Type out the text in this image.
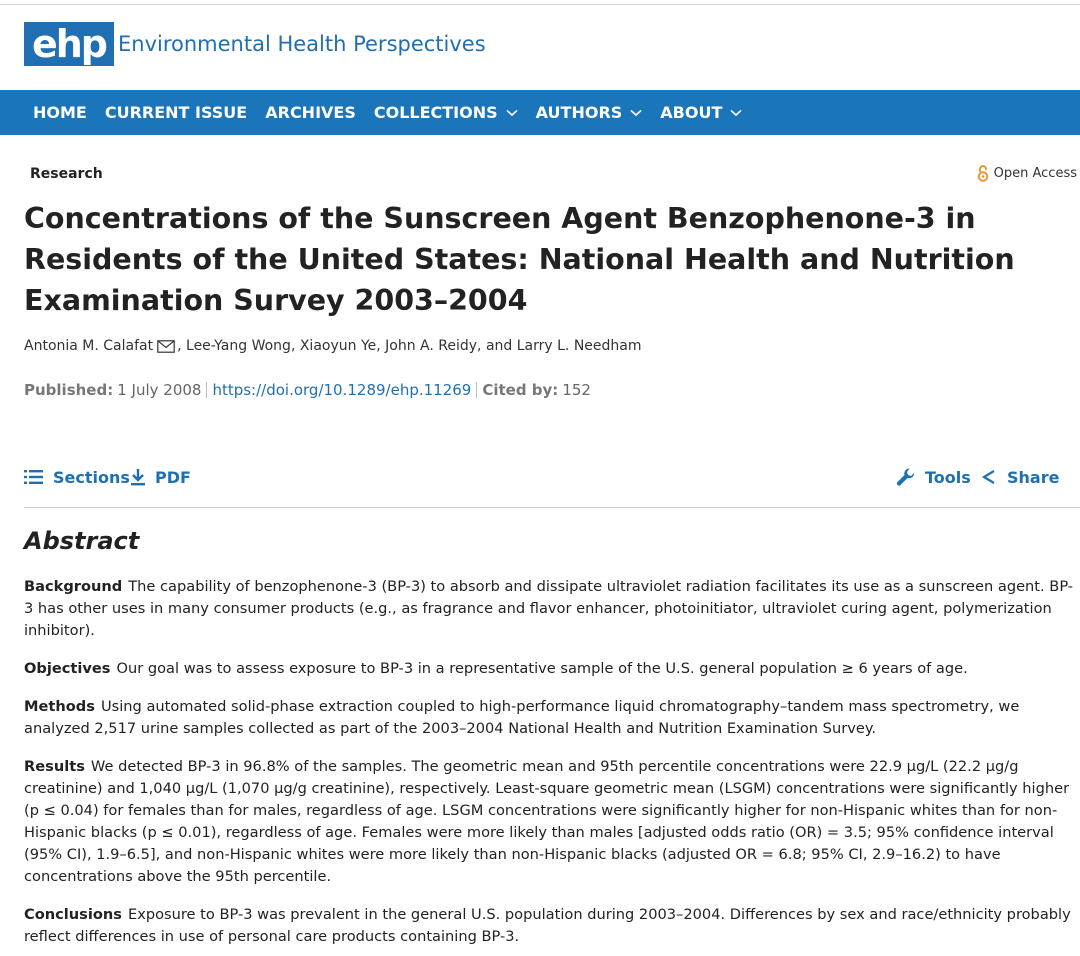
ehp Environmental Health Perspectives
HOME CURRENT ISSUE ARCHIVES COLLECTIONS AUTHORS ABOUT
Research	Open Access
Concentrations of the Sunscreen Agent Benzophenone-3 in Residents of the United States: National Health and Nutrition Examination Survey 2003–2004
Antonia M. Calafat , Lee-Yang Wong, Xiaoyun Ye, John A. Reidy, and Larry L. Needham
Published: 1 July 2008 https://doi.org/10.1289/ehp.11269 Cited by: 152
Sections PDF	Tools Share
Abstract

Background The capability of benzophenone-3 (BP-3) to absorb and dissipate ultraviolet radiation facilitates its use as a sunscreen agent. BP-3 has other uses in many consumer products (e.g., as fragrance and flavor enhancer, photoinitiator, ultraviolet curing agent, polymerization inhibitor).

Objectives Our goal was to assess exposure to BP-3 in a representative sample of the U.S. general population ≥ 6 years of age.

Methods Using automated solid-phase extraction coupled to high-performance liquid chromatography–tandem mass spectrometry, we analyzed 2,517 urine samples collected as part of the 2003–2004 National Health and Nutrition Examination Survey.

Results We detected BP-3 in 96.8% of the samples. The geometric mean and 95th percentile concentrations were 22.9 μg/L (22.2 μg/g creatinine) and 1,040 μg/L (1,070 μg/g creatinine), respectively. Least-square geometric mean (LSGM) concentrations were significantly higher (p ≤ 0.04) for females than for males, regardless of age. LSGM concentrations were significantly higher for non-Hispanic whites than for non-Hispanic blacks (p ≤ 0.01), regardless of age. Females were more likely than males [adjusted odds ratio (OR) = 3.5; 95% confidence interval (95% CI), 1.9–6.5], and non-Hispanic whites were more likely than non-Hispanic blacks (adjusted OR = 6.8; 95% CI, 2.9–16.2) to have concentrations above the 95th percentile.

Conclusions Exposure to BP-3 was prevalent in the general U.S. population during 2003–2004. Differences by sex and race/ethnicity probably reflect differences in use of personal care products containing BP-3.
